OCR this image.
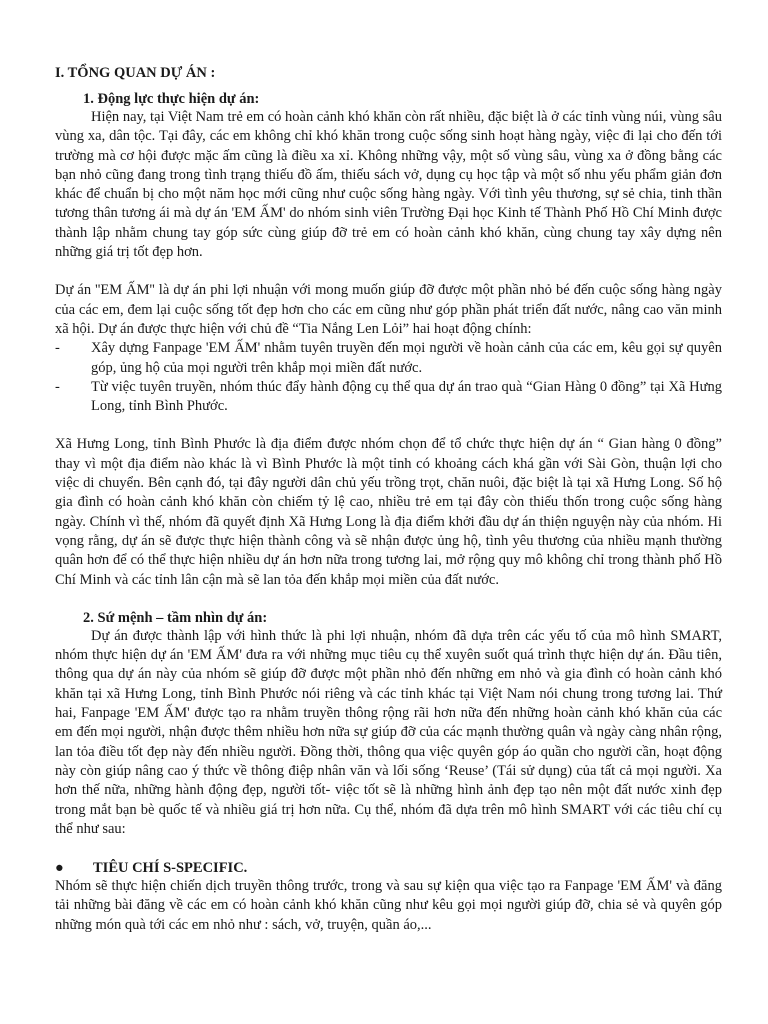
I. TỔNG QUAN DỰ ÁN :
1. Động lực thực hiện dự án:

Hiện nay, tại Việt Nam trẻ em có hoàn cảnh khó khăn còn rất nhiều, đặc biệt là ở các tỉnh vùng núi, vùng sâu vùng xa, dân tộc. Tại đây, các em không chỉ khó khăn trong cuộc sống sinh hoạt hàng ngày, việc đi lại cho đến tới trường mà cơ hội được mặc ấm cũng là điều xa xỉ. Không những vậy, một số vùng sâu, vùng xa ở đồng bằng các bạn nhỏ cũng đang trong tình trạng thiếu đồ ấm, thiếu sách vở, dụng cụ học tập và một số nhu yếu phẩm giản đơn khác để chuẩn bị cho một năm học mới cũng như cuộc sống hàng ngày. Với tình yêu thương, sự sẻ chia, tinh thần tương thân tương ái mà dự án 'EM ẤM' do nhóm sinh viên Trường Đại học Kinh tế Thành Phố Hồ Chí Minh được thành lập nhằm chung tay góp sức cùng giúp đỡ trẻ em có hoàn cảnh khó khăn, cùng chung tay xây dựng nên những giá trị tốt đẹp hơn.

Dự án ''EM ẤM'' là dự án phi lợi nhuận với mong muốn giúp đỡ được một phần nhỏ bé đến cuộc sống hàng ngày của các em, đem lại cuộc sống tốt đẹp hơn cho các em cũng như góp phần phát triển đất nước, nâng cao văn minh xã hội. Dự án được thực hiện với chủ đề “Tia Nắng Len Lỏi” hai hoạt động chính:

-	Xây dựng Fanpage 'EM ẤM' nhằm tuyên truyền đến mọi người về hoàn cảnh của các em, kêu gọi sự quyên góp, ủng hộ của mọi người trên khắp mọi miền đất nước.
-	Từ việc tuyên truyền, nhóm thúc đẩy hành động cụ thể qua dự án trao quà “Gian Hàng 0 đồng” tại Xã Hưng Long, tỉnh Bình Phước.

Xã Hưng Long, tỉnh Bình Phước là địa điểm được nhóm chọn để tổ chức thực hiện dự án “ Gian hàng 0 đồng” thay vì một địa điểm nào khác là vì Bình Phước là một tỉnh có khoảng cách khá gần với Sài Gòn, thuận lợi cho việc di chuyển. Bên cạnh đó, tại đây người dân chủ yếu trồng trọt, chăn nuôi, đặc biệt là tại xã Hưng Long. Số hộ gia đình có hoàn cảnh khó khăn còn chiếm tỷ lệ cao, nhiều trẻ em tại đây còn thiếu thốn trong cuộc sống hàng ngày. Chính vì thế, nhóm đã quyết định Xã Hưng Long là địa điểm khởi đầu dự án thiện nguyện này của nhóm. Hi vọng rằng, dự án sẽ được thực hiện thành công và sẽ nhận được ủng hộ, tình yêu thương của nhiều mạnh thường quân hơn để có thể thực hiện nhiều dự án hơn nữa trong tương lai, mở rộng quy mô không chỉ trong thành phố Hồ Chí Minh và các tỉnh lân cận mà sẽ lan tỏa đến khắp mọi miền của đất nước.

2. Sứ mệnh – tầm nhìn dự án:

Dự án được thành lập với hình thức là phi lợi nhuận, nhóm đã dựa trên các yếu tố của mô hình SMART, nhóm thực hiện dự án 'EM ẤM' đưa ra với những mục tiêu cụ thể xuyên suốt quá trình thực hiện dự án. Đầu tiên, thông qua dự án này của nhóm sẽ giúp đỡ được một phần nhỏ đến những em nhỏ và gia đình có hoàn cảnh khó khăn tại xã Hưng Long, tỉnh Bình Phước nói riêng và các tỉnh khác tại Việt Nam nói chung trong tương lai. Thứ hai, Fanpage 'EM ẤM' được tạo ra nhằm truyền thông rộng rãi hơn nữa đến những hoàn cảnh khó khăn của các em đến mọi người, nhận được thêm nhiều hơn nữa sự giúp đỡ của các mạnh thường quân và ngày càng nhân rộng, lan tỏa điều tốt đẹp này đến nhiều người. Đồng thời, thông qua việc quyên góp áo quần cho người cần, hoạt động này còn giúp nâng cao ý thức về thông điệp nhân văn và lối sống ‘Reuse’ (Tái sử dụng) của tất cả mọi người. Xa hơn thế nữa, những hành động đẹp, người tốt- việc tốt sẽ là những hình ảnh đẹp tạo nên một đất nước xinh đẹp trong mắt bạn bè quốc tế và nhiều giá trị hơn nữa. Cụ thể, nhóm đã dựa trên mô hình SMART với các tiêu chí cụ thể như sau:

●	TIÊU CHÍ S-SPECIFIC.

Nhóm sẽ thực hiện chiến dịch truyền thông trước, trong và sau sự kiện qua việc tạo ra Fanpage 'EM ẤM' và đăng tải những bài đăng về các em có hoàn cảnh khó khăn cũng như kêu gọi mọi người giúp đỡ, chia sẻ và quyên góp những món quà tới các em nhỏ như : sách, vở, truyện, quần áo,...
